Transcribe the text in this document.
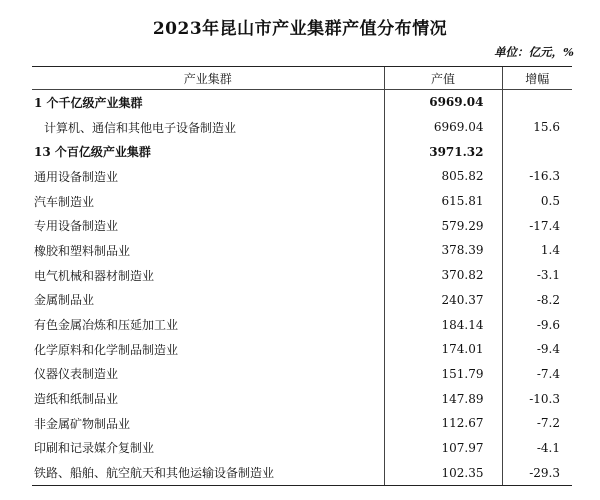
2023年昆山市产业集群产值分布情况
单位：亿元，%
产业集群	产值	增幅
1 个千亿级产业集群	6969.04	
计算机、通信和其他电子设备制造业	6969.04	15.6
13 个百亿级产业集群	3971.32	
通用设备制造业	805.82	-16.3
汽车制造业	615.81	0.5
专用设备制造业	579.29	-17.4
橡胶和塑料制品业	378.39	1.4
电气机械和器材制造业	370.82	-3.1
金属制品业	240.37	-8.2
有色金属冶炼和压延加工业	184.14	-9.6
化学原料和化学制品制造业	174.01	-9.4
仪器仪表制造业	151.79	-7.4
造纸和纸制品业	147.89	-10.3
非金属矿物制品业	112.67	-7.2
印刷和记录媒介复制业	107.97	-4.1
铁路、船舶、航空航天和其他运输设备制造业	102.35	-29.3
